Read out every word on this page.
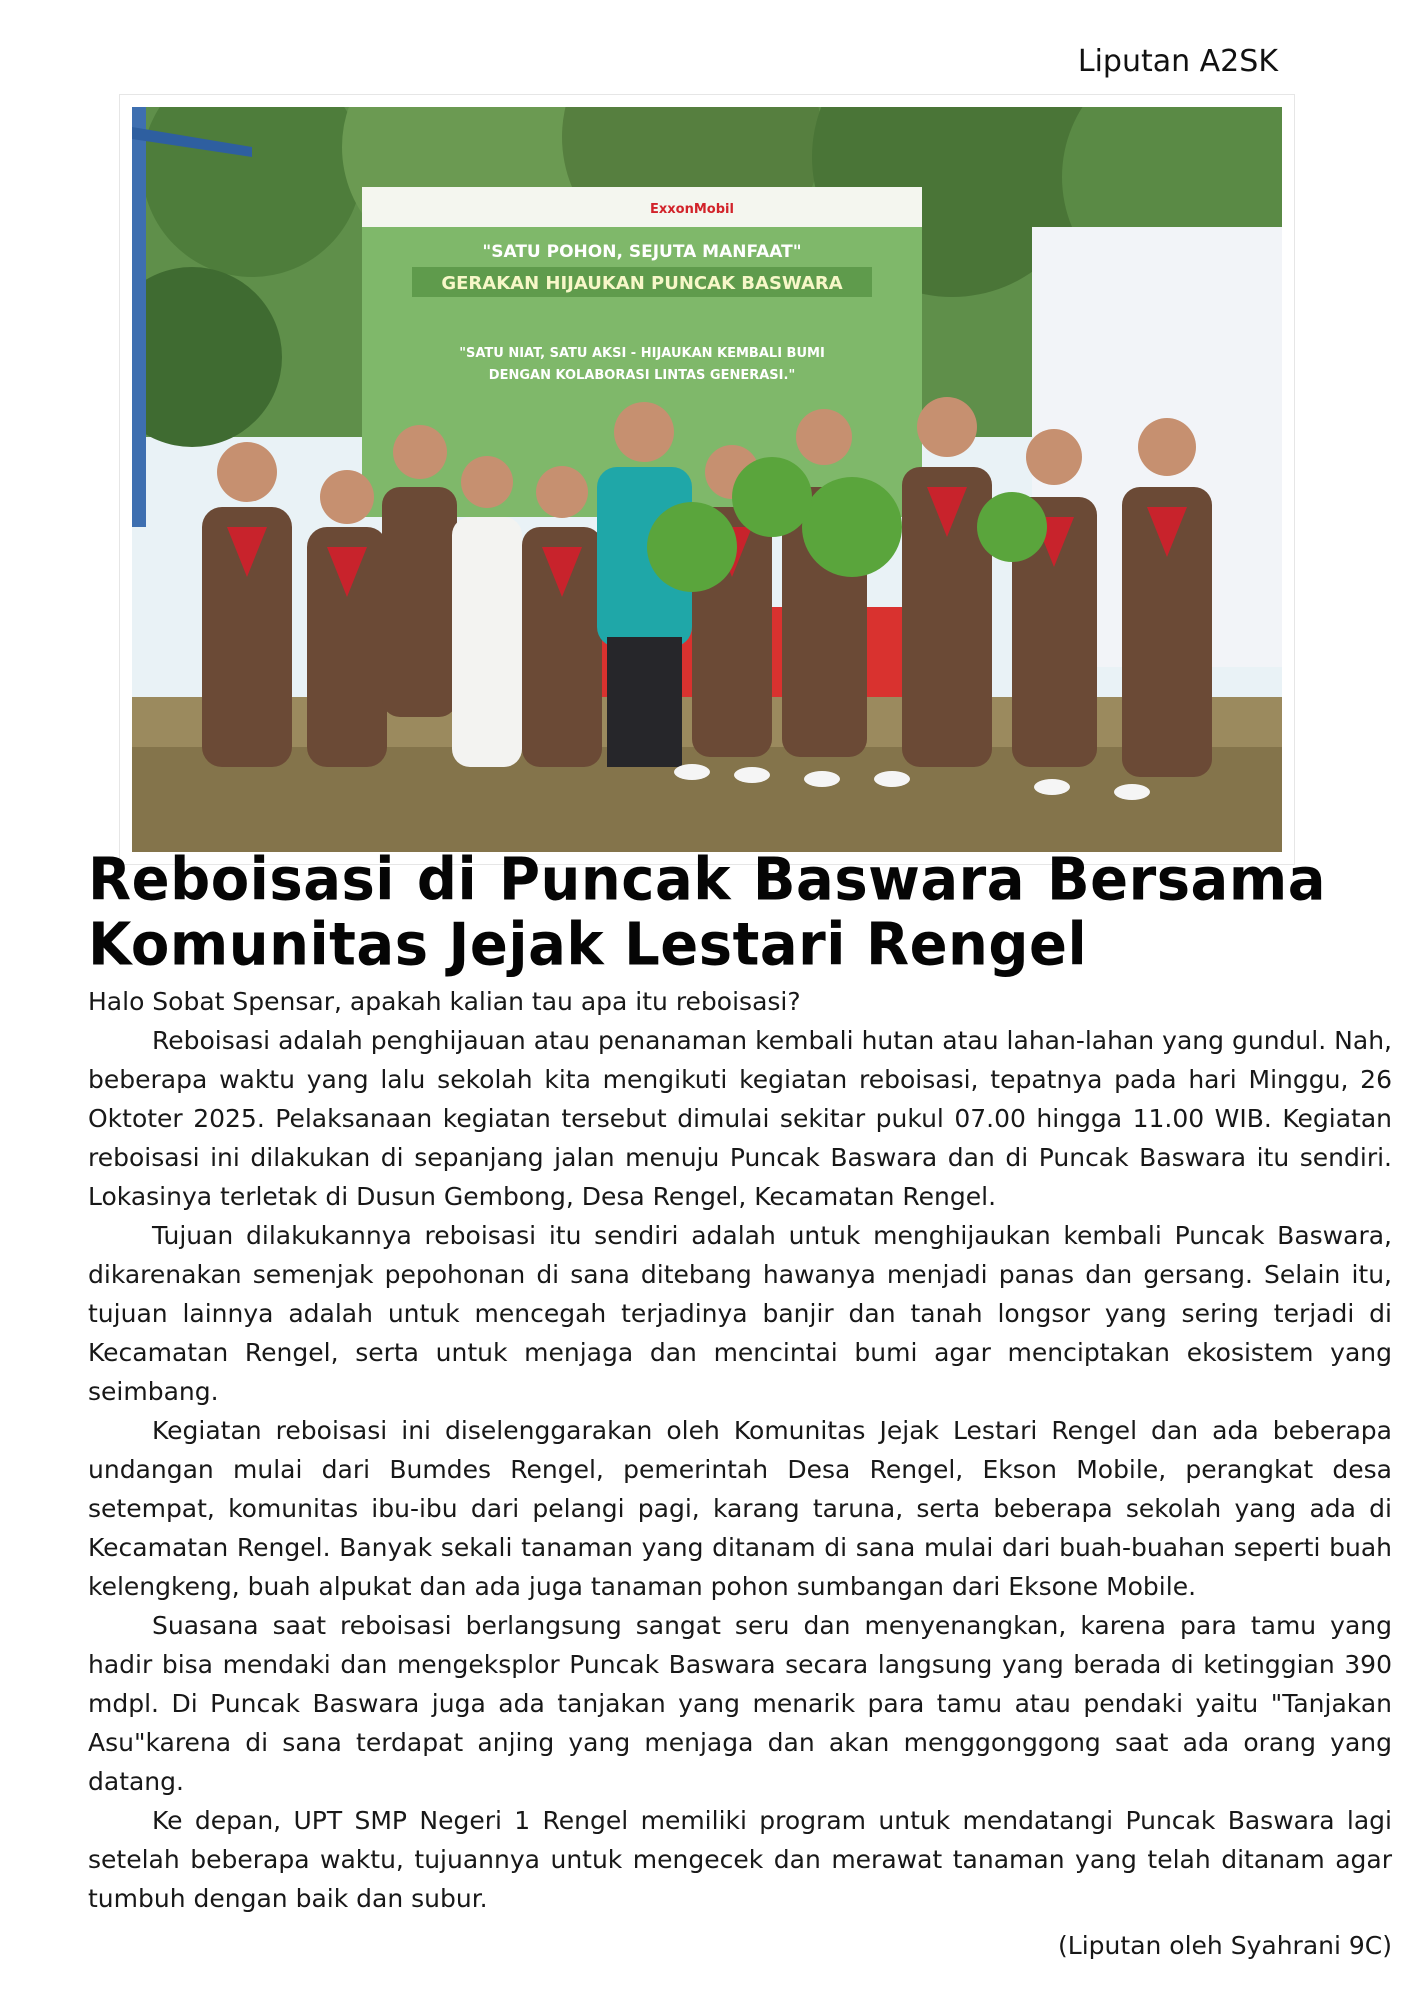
Liputan A2SK
"SATU POHON, SEJUTA MANFAAT"
GERAKAN HIJAUKAN PUNCAK BASWARA
"SATU NIAT, SATU AKSI - HIJAUKAN KEMBALI BUMI
DENGAN KOLABORASI LINTAS GENERASI."
ExxonMobil
Reboisasi di Puncak Baswara Bersama Komunitas Jejak Lestari Rengel

Halo Sobat Spensar, apakah kalian tau apa itu reboisasi?

Reboisasi adalah penghijauan atau penanaman kembali hutan atau lahan-lahan yang gundul. Nah, beberapa waktu yang lalu sekolah kita mengikuti kegiatan reboisasi, tepatnya pada hari Minggu, 26 Oktoter 2025. Pelaksanaan kegiatan tersebut dimulai sekitar pukul 07.00 hingga 11.00 WIB. Kegiatan reboisasi ini dilakukan di sepanjang jalan menuju Puncak Baswara dan di Puncak Baswara itu sendiri. Lokasinya terletak di Dusun Gembong, Desa Rengel, Kecamatan Rengel.

Tujuan dilakukannya reboisasi itu sendiri adalah untuk menghijaukan kembali Puncak Baswara, dikarenakan semenjak pepohonan di sana ditebang hawanya menjadi panas dan gersang. Selain itu, tujuan lainnya adalah untuk mencegah terjadinya banjir dan tanah longsor yang sering terjadi di Kecamatan Rengel, serta untuk menjaga dan mencintai bumi agar menciptakan ekosistem yang seimbang.

Kegiatan reboisasi ini diselenggarakan oleh Komunitas Jejak Lestari Rengel dan ada beberapa undangan mulai dari Bumdes Rengel, pemerintah Desa Rengel, Ekson Mobile, perangkat desa setempat, komunitas ibu-ibu dari pelangi pagi, karang taruna, serta beberapa sekolah yang ada di Kecamatan Rengel. Banyak sekali tanaman yang ditanam di sana mulai dari buah-buahan seperti buah kelengkeng, buah alpukat dan ada juga tanaman pohon sumbangan dari Eksone Mobile.

Suasana saat reboisasi berlangsung sangat seru dan menyenangkan, karena para tamu yang hadir bisa mendaki dan mengeksplor Puncak Baswara secara langsung yang berada di ketinggian 390 mdpl. Di Puncak Baswara juga ada tanjakan yang menarik para tamu atau pendaki yaitu "Tanjakan Asu"karena di sana terdapat anjing yang menjaga dan akan menggonggong saat ada orang yang datang.

Ke depan, UPT SMP Negeri 1 Rengel memiliki program untuk mendatangi Puncak Baswara lagi setelah beberapa waktu, tujuannya untuk mengecek dan merawat tanaman yang telah ditanam agar tumbuh dengan baik dan subur.

(Liputan oleh Syahrani 9C)
